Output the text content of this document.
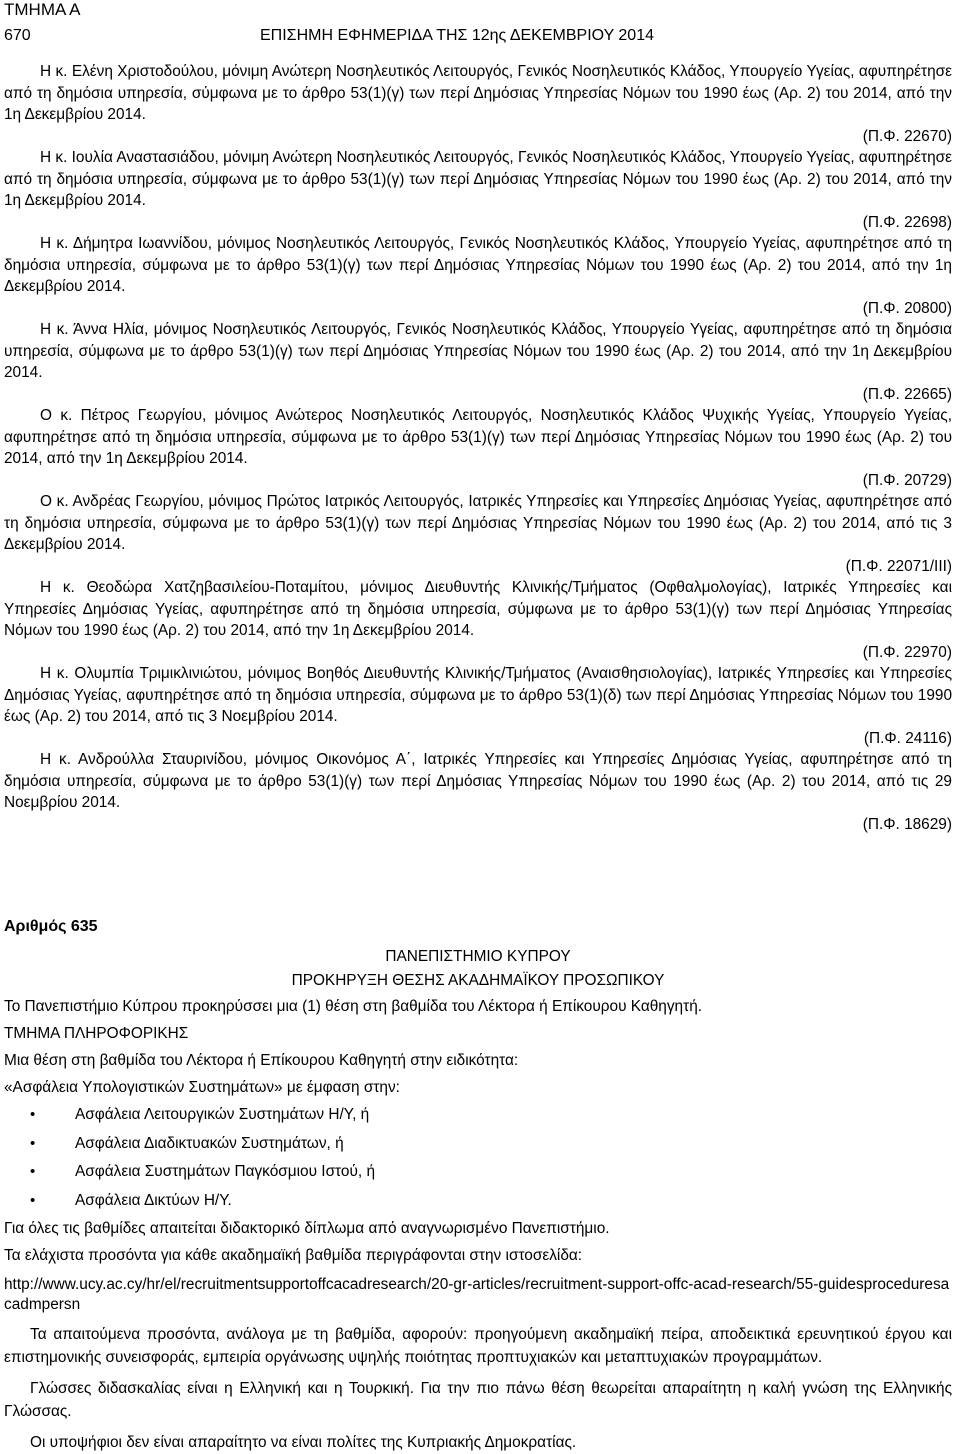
ΤΜΗΜΑ Α
670	ΕΠΙΣΗΜΗ ΕΦΗΜΕΡΙΔΑ ΤΗΣ 12ης ΔΕΚΕΜΒΡΙΟΥ 2014

Η κ. Ελένη Χριστοδούλου, μόνιμη Ανώτερη Νοσηλευτικός Λειτουργός, Γενικός Νοσηλευτικός Κλάδος, Υπουργείο Υγείας, αφυπηρέτησε από τη δημόσια υπηρεσία, σύμφωνα με το άρθρο 53(1)(γ) των περί Δημόσιας Υπηρεσίας Νόμων του 1990 έως (Αρ. 2) του 2014, από την 1η Δεκεμβρίου 2014.

(Π.Φ. 22670)

Η κ. Ιουλία Αναστασιάδου, μόνιμη Ανώτερη Νοσηλευτικός Λειτουργός, Γενικός Νοσηλευτικός Κλάδος, Υπουργείο Υγείας, αφυπηρέτησε από τη δημόσια υπηρεσία, σύμφωνα με το άρθρο 53(1)(γ) των περί Δημόσιας Υπηρεσίας Νόμων του 1990 έως (Αρ. 2) του 2014, από την 1η Δεκεμβρίου 2014.

(Π.Φ. 22698)

Η κ. Δήμητρα Ιωαννίδου, μόνιμος Νοσηλευτικός Λειτουργός, Γενικός Νοσηλευτικός Κλάδος, Υπουργείο Υγείας, αφυπηρέτησε από τη δημόσια υπηρεσία, σύμφωνα με το άρθρο 53(1)(γ) των περί Δημόσιας Υπηρεσίας Νόμων του 1990 έως (Αρ. 2) του 2014, από την 1η Δεκεμβρίου 2014.

(Π.Φ. 20800)

Η κ. Άννα Ηλία, μόνιμος Νοσηλευτικός Λειτουργός, Γενικός Νοσηλευτικός Κλάδος, Υπουργείο Υγείας, αφυπηρέτησε από τη δημόσια υπηρεσία, σύμφωνα με το άρθρο 53(1)(γ) των περί Δημόσιας Υπηρεσίας Νόμων του 1990 έως (Αρ. 2) του 2014, από την 1η Δεκεμβρίου 2014.

(Π.Φ. 22665)

Ο κ. Πέτρος Γεωργίου, μόνιμος Ανώτερος Νοσηλευτικός Λειτουργός, Νοσηλευτικός Κλάδος Ψυχικής Υγείας, Υπουργείο Υγείας, αφυπηρέτησε από τη δημόσια υπηρεσία, σύμφωνα με το άρθρο 53(1)(γ) των περί Δημόσιας Υπηρεσίας Νόμων του 1990 έως (Αρ. 2) του 2014, από την 1η Δεκεμβρίου 2014.

(Π.Φ. 20729)

Ο κ. Ανδρέας Γεωργίου, μόνιμος Πρώτος Ιατρικός Λειτουργός, Ιατρικές Υπηρεσίες και Υπηρεσίες Δημόσιας Υγείας, αφυπηρέτησε από τη δημόσια υπηρεσία, σύμφωνα με το άρθρο 53(1)(γ) των περί Δημόσιας Υπηρεσίας Νόμων του 1990 έως (Αρ. 2) του 2014, από τις 3 Δεκεμβρίου 2014.

(Π.Φ. 22071/ΙΙΙ)

Η κ. Θεοδώρα Χατζηβασιλείου-Ποταμίτου, μόνιμος Διευθυντής Κλινικής/Τμήματος (Οφθαλμολογίας), Ιατρικές Υπηρεσίες και Υπηρεσίες Δημόσιας Υγείας, αφυπηρέτησε από τη δημόσια υπηρεσία, σύμφωνα με το άρθρο 53(1)(γ) των περί Δημόσιας Υπηρεσίας Νόμων του 1990 έως (Αρ. 2) του 2014, από την 1η Δεκεμβρίου 2014.

(Π.Φ. 22970)

Η κ. Ολυμπία Τριμικλινιώτου, μόνιμος Βοηθός Διευθυντής Κλινικής/Τμήματος (Αναισθησιολογίας), Ιατρικές Υπηρεσίες και Υπηρεσίες Δημόσιας Υγείας, αφυπηρέτησε από τη δημόσια υπηρεσία, σύμφωνα με το άρθρο 53(1)(δ) των περί Δημόσιας Υπηρεσίας Νόμων του 1990 έως (Αρ. 2) του 2014, από τις 3 Νοεμβρίου 2014.

(Π.Φ. 24116)

Η κ. Ανδρούλλα Σταυρινίδου, μόνιμος Οικονόμος Α΄, Ιατρικές Υπηρεσίες και Υπηρεσίες Δημόσιας Υγείας, αφυπηρέτησε από τη δημόσια υπηρεσία, σύμφωνα με το άρθρο 53(1)(γ) των περί Δημόσιας Υπηρεσίας Νόμων του 1990 έως (Αρ. 2) του 2014, από τις 29 Νοεμβρίου 2014.

(Π.Φ. 18629)
Αριθμός 635

ΠΑΝΕΠΙΣΤΗΜΙΟ ΚΥΠΡΟΥ

ΠΡΟΚΗΡΥΞΗ ΘΕΣΗΣ ΑΚΑΔΗΜΑΪΚΟΥ ΠΡΟΣΩΠΙΚΟΥ

Το Πανεπιστήμιο Κύπρου προκηρύσσει μια (1) θέση στη βαθμίδα του Λέκτορα ή Επίκουρου Καθηγητή.

ΤΜΗΜΑ ΠΛΗΡΟΦΟΡΙΚΗΣ

Μια θέση στη βαθμίδα του Λέκτορα ή Επίκουρου Καθηγητή στην ειδικότητα:

«Ασφάλεια Υπολογιστικών Συστημάτων» με έμφαση στην:

• Ασφάλεια Λειτουργικών Συστημάτων Η/Υ, ή
• Ασφάλεια Διαδικτυακών Συστημάτων, ή
• Ασφάλεια Συστημάτων Παγκόσμιου Ιστού, ή
• Ασφάλεια Δικτύων Η/Υ.

Για όλες τις βαθμίδες απαιτείται διδακτορικό δίπλωμα από αναγνωρισμένο Πανεπιστήμιο.

Τα ελάχιστα προσόντα για κάθε ακαδημαϊκή βαθμίδα περιγράφονται στην ιστοσελίδα:

http://www.ucy.ac.cy/hr/el/recruitmentsupportoffcacadresearch/20-gr-articles/recruitment-support-offc-acad-research/55-guidesproceduresacadmpersn

Τα απαιτούμενα προσόντα, ανάλογα με τη βαθμίδα, αφορούν: προηγούμενη ακαδημαϊκή πείρα, αποδεικτικά ερευνητικού έργου και επιστημονικής συνεισφοράς, εμπειρία οργάνωσης υψηλής ποιότητας προπτυχιακών και μεταπτυχιακών προγραμμάτων.

Γλώσσες διδασκαλίας είναι η Ελληνική και η Τουρκική. Για την πιο πάνω θέση θεωρείται απαραίτητη η καλή γνώση της Ελληνικής Γλώσσας.

Οι υποψήφιοι δεν είναι απαραίτητο να είναι πολίτες της Κυπριακής Δημοκρατίας.
